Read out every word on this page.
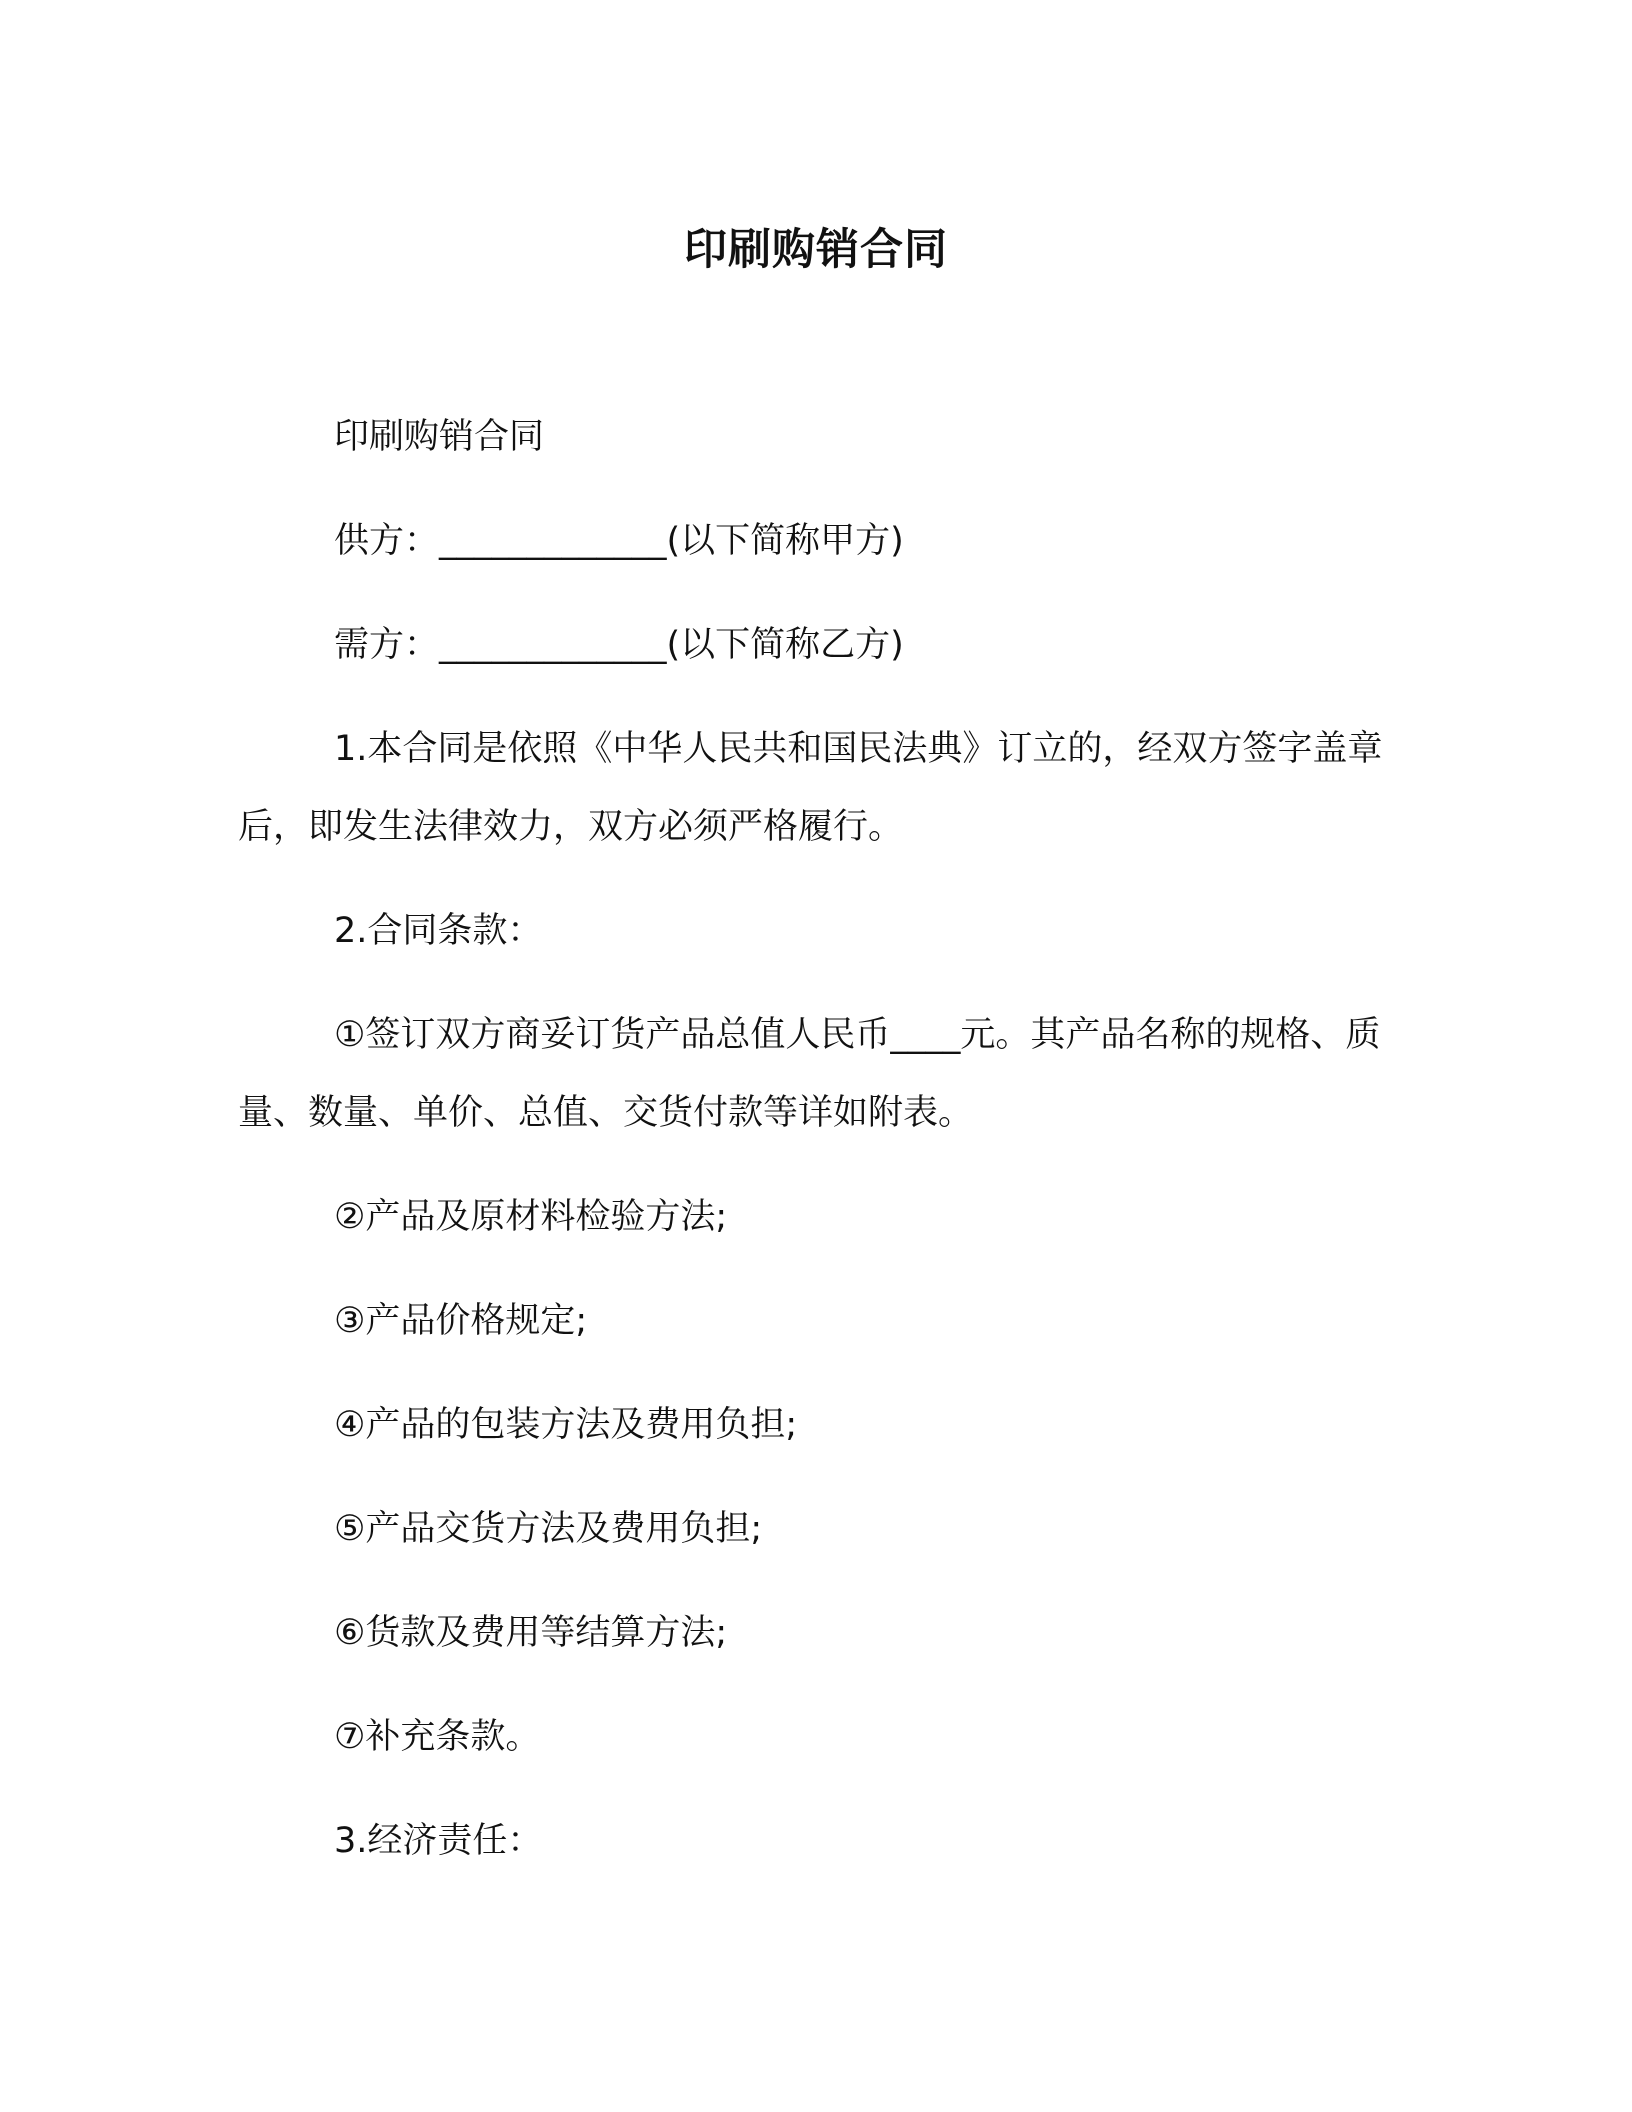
印刷购销合同

印刷购销合同

供方：_____________(以下简称甲方)

需方：_____________(以下简称乙方)

1.本合同是依照《中华人民共和国民法典》订立的，经双方签字盖章后，即发生法律效力，双方必须严格履行。

2.合同条款：

①签订双方商妥订货产品总值人民币____元。其产品名称的规格、质量、数量、单价、总值、交货付款等详如附表。

②产品及原材料检验方法;

③产品价格规定;

④产品的包装方法及费用负担;

⑤产品交货方法及费用负担;

⑥货款及费用等结算方法;

⑦补充条款。

3.经济责任：
